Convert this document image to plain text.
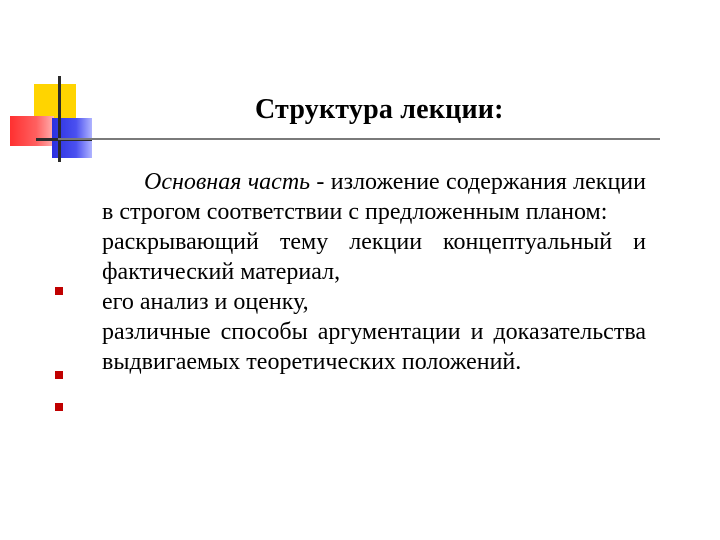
Структура лекции:

Основная часть - изложение содержания лекции в строгом соответствии с предложенным планом:

раскрывающий тему лекции концептуальный и фактический материал,

его анализ и оценку,

различные способы аргументации и доказательства выдвигаемых теоретических положений.
